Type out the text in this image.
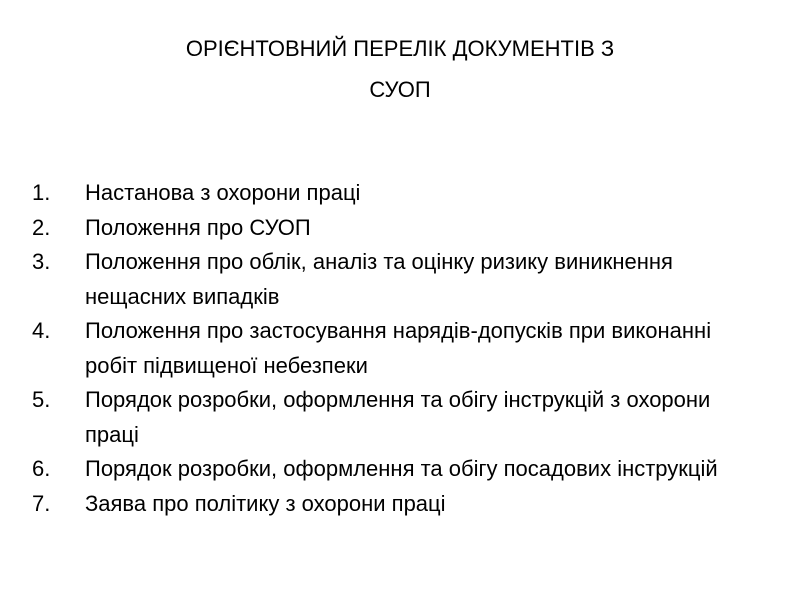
ОРІЄНТОВНИЙ ПЕРЕЛІК ДОКУМЕНТІВ З
СУОП
1.	Настанова з охорони праці
2.	Положення про СУОП
3.	Положення про облік, аналіз та оцінку ризику виникнення нещасних випадків
4.	Положення про застосування нарядів-допусків при виконанні робіт підвищеної небезпеки
5.	Порядок розробки, оформлення та обігу інструкцій з охорони праці
6.	Порядок розробки, оформлення та обігу посадових інструкцій
7.	Заява про політику з охорони праці
